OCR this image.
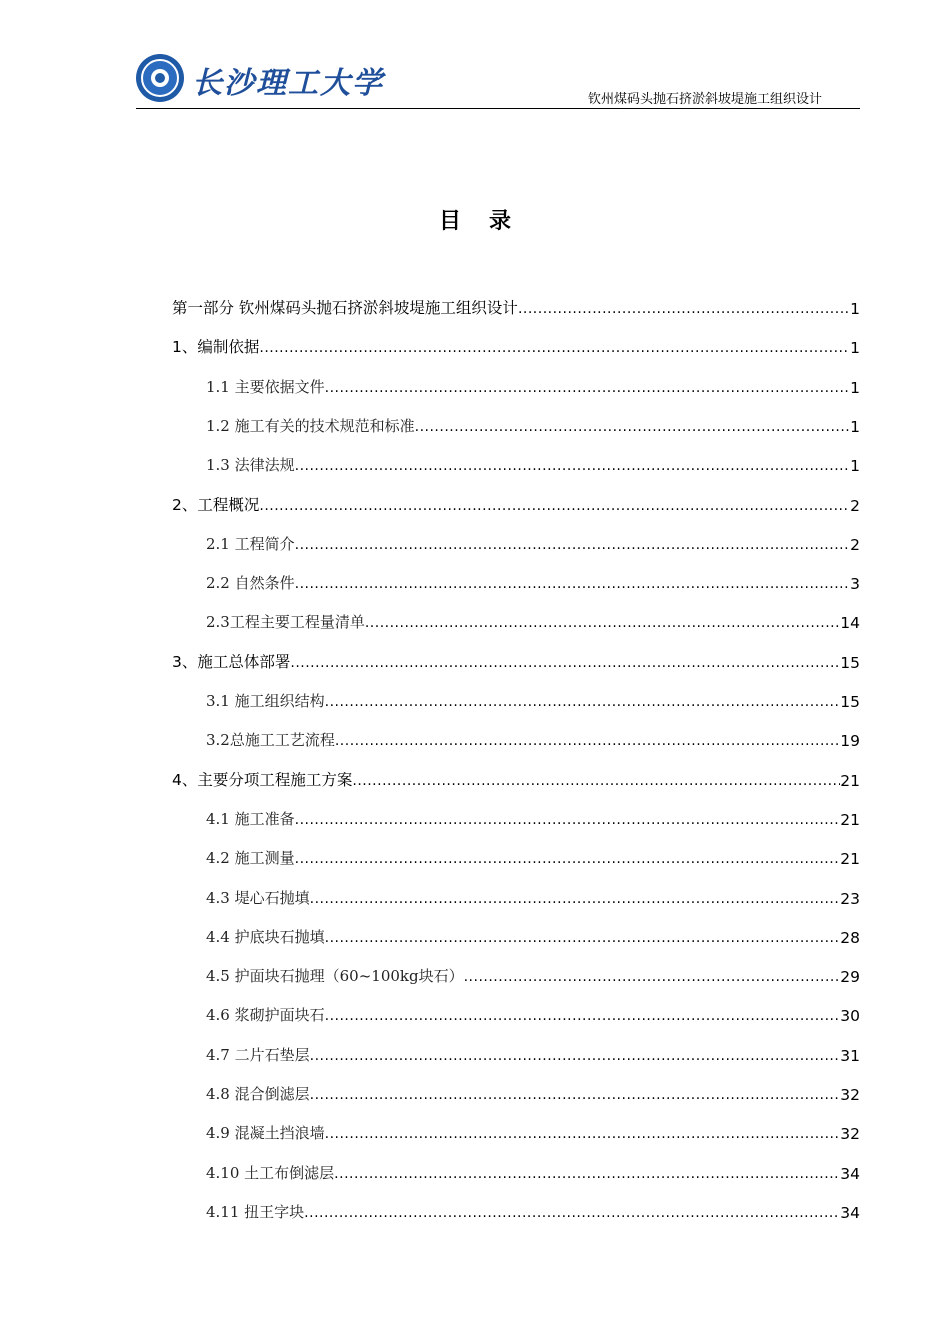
长沙理工大学	钦州煤码头抛石挤淤斜坡堤施工组织设计
目 录
第一部分 钦州煤码头抛石挤淤斜坡堤施工组织设计 .....	1
1、编制依据 .....	1
1.1 主要依据文件 .....	1
1.2 施工有关的技术规范和标准 .....	1
1.3 法律法规 .....	1
2、工程概况 .....	2
2.1 工程简介 .....	2
2.2 自然条件 .....	3
2.3工程主要工程量清单 .....	14
3、施工总体部署 .....	15
3.1 施工组织结构 .....	15
3.2总施工工艺流程 .....	19
4、主要分项工程施工方案 .....	21
4.1 施工准备 .....	21
4.2 施工测量 .....	21
4.3 堤心石抛填 .....	23
4.4 护底块石抛填 .....	28
4.5 护面块石抛理（60~100kg块石） .....	29
4.6 浆砌护面块石 .....	30
4.7 二片石垫层 .....	31
4.8 混合倒滤层 .....	32
4.9 混凝土挡浪墙 .....	32
4.10 土工布倒滤层 .....	34
4.11 扭王字块 .....	34
